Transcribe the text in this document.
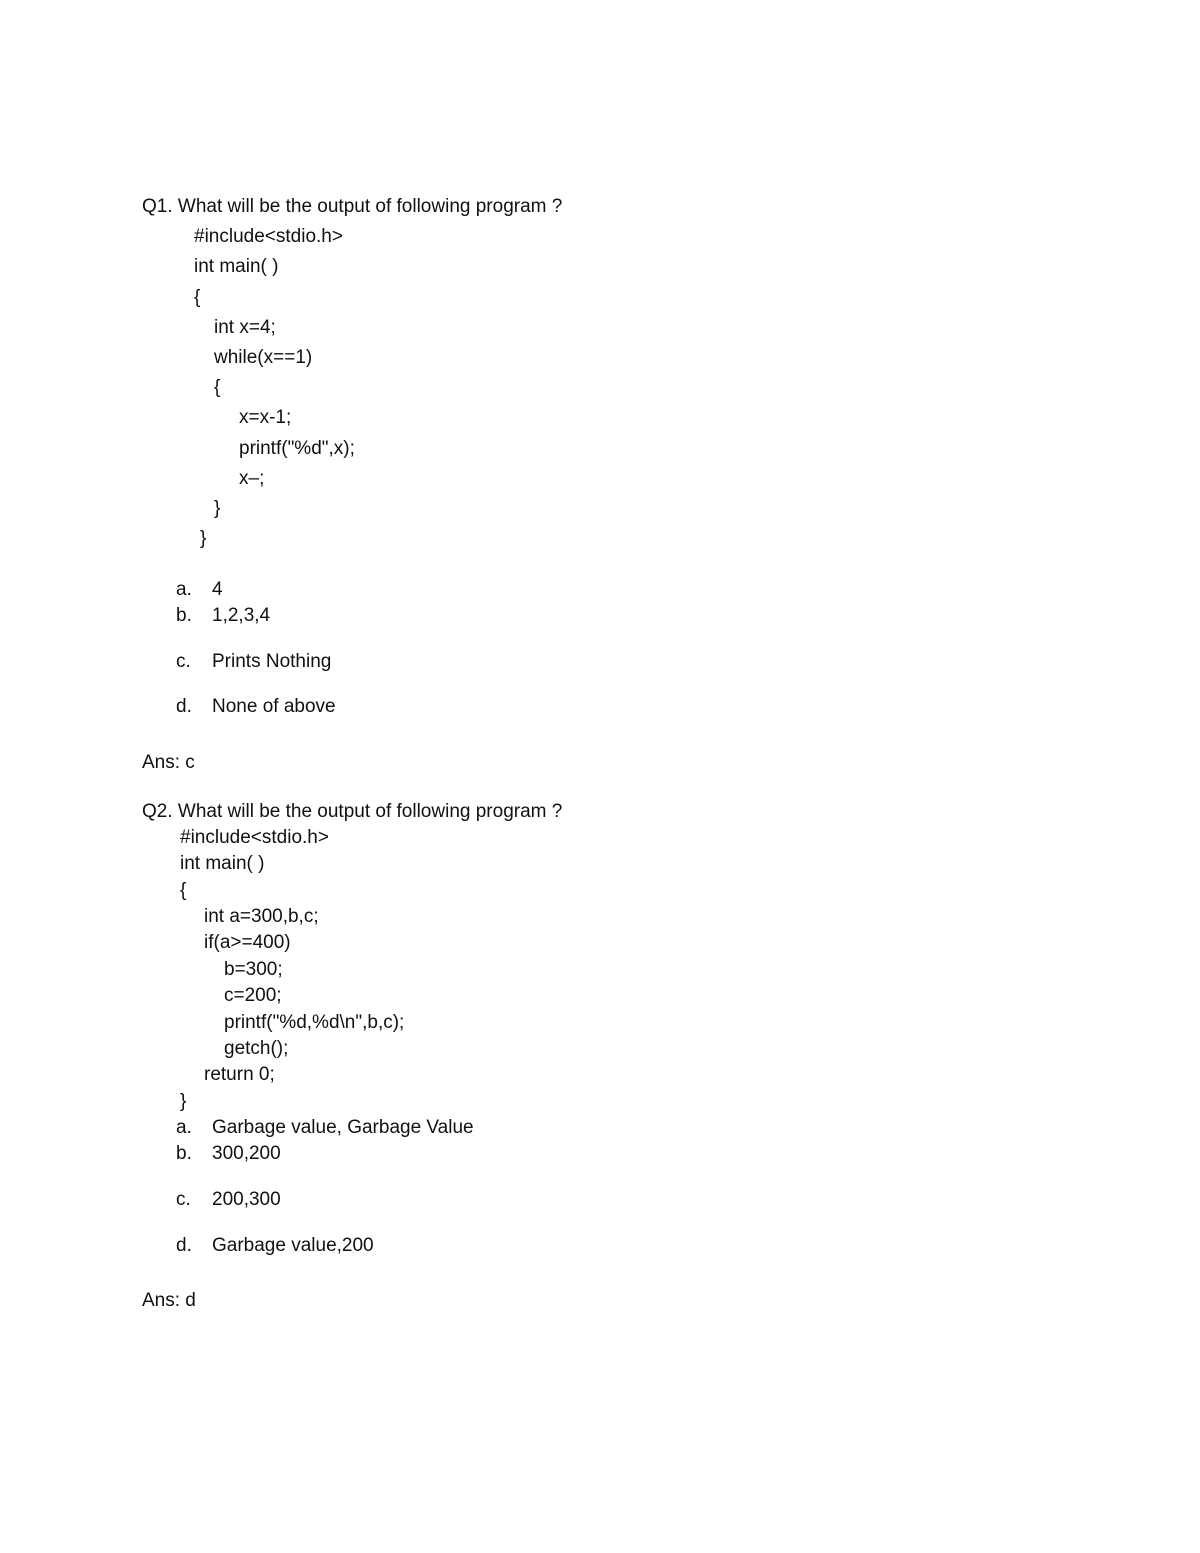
Q1. What will be the output of following program ?
#include<stdio.h>
int main( )
{
int x=4;
while(x==1)
{
x=x-1;
printf("%d",x);
x–;
}
}
a. 4
b. 1,2,3,4
c. Prints Nothing
d. None of above
Ans: c
Q2. What will be the output of following program ?
#include<stdio.h>
int main( )
{
int a=300,b,c;
if(a>=400)
b=300;
c=200;
printf("%d,%d\n",b,c);
getch();
return 0;
}
a. Garbage value, Garbage Value
b. 300,200
c. 200,300
d. Garbage value,200
Ans: d
